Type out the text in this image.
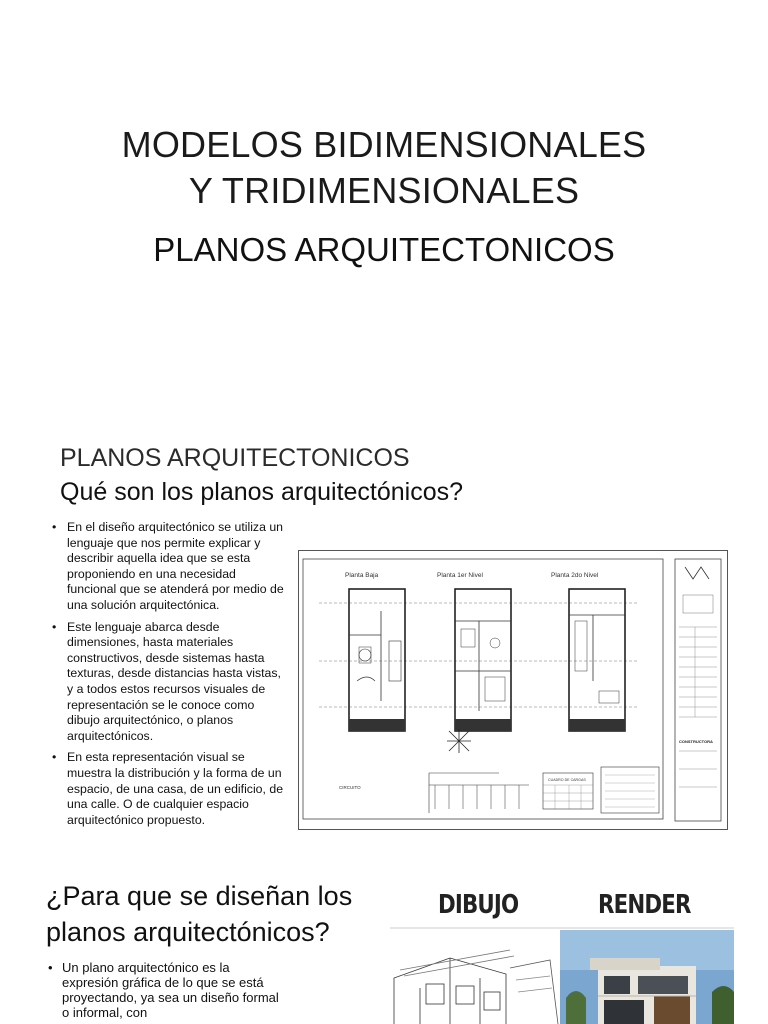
MODELOS BIDIMENSIONALES
Y TRIDIMENSIONALES
PLANOS ARQUITECTONICOS
PLANOS ARQUITECTONICOS
Qué son los planos arquitectónicos?
• En el diseño arquitectónico se utiliza un lenguaje que nos permite explicar y describir aquella idea que se esta proponiendo en una necesidad funcional que se atenderá por medio de una solución arquitectónica.
• Este lenguaje abarca desde dimensiones, hasta materiales constructivos, desde sistemas hasta texturas, desde distancias hasta vistas, y a todos estos recursos visuales de representación se le conoce como dibujo arquitectónico, o planos arquitectónicos.
• En esta representación visual se muestra la distribución y la forma de un espacio, de una casa, de un edificio, de una calle. O de cualquier espacio arquitectónico propuesto.
Planta Baja	Planta 1er Nivel	Planta 2do Nivel
CIRCUITO
CUADRO DE CARGAS
CONSTRUCTORA
¿Para que se diseñan los planos arquitectónicos?
• Un plano arquitectónico es la expresión gráfica de lo que se está proyectando, ya sea un diseño formal o informal, con
DIBUJO	RENDER
